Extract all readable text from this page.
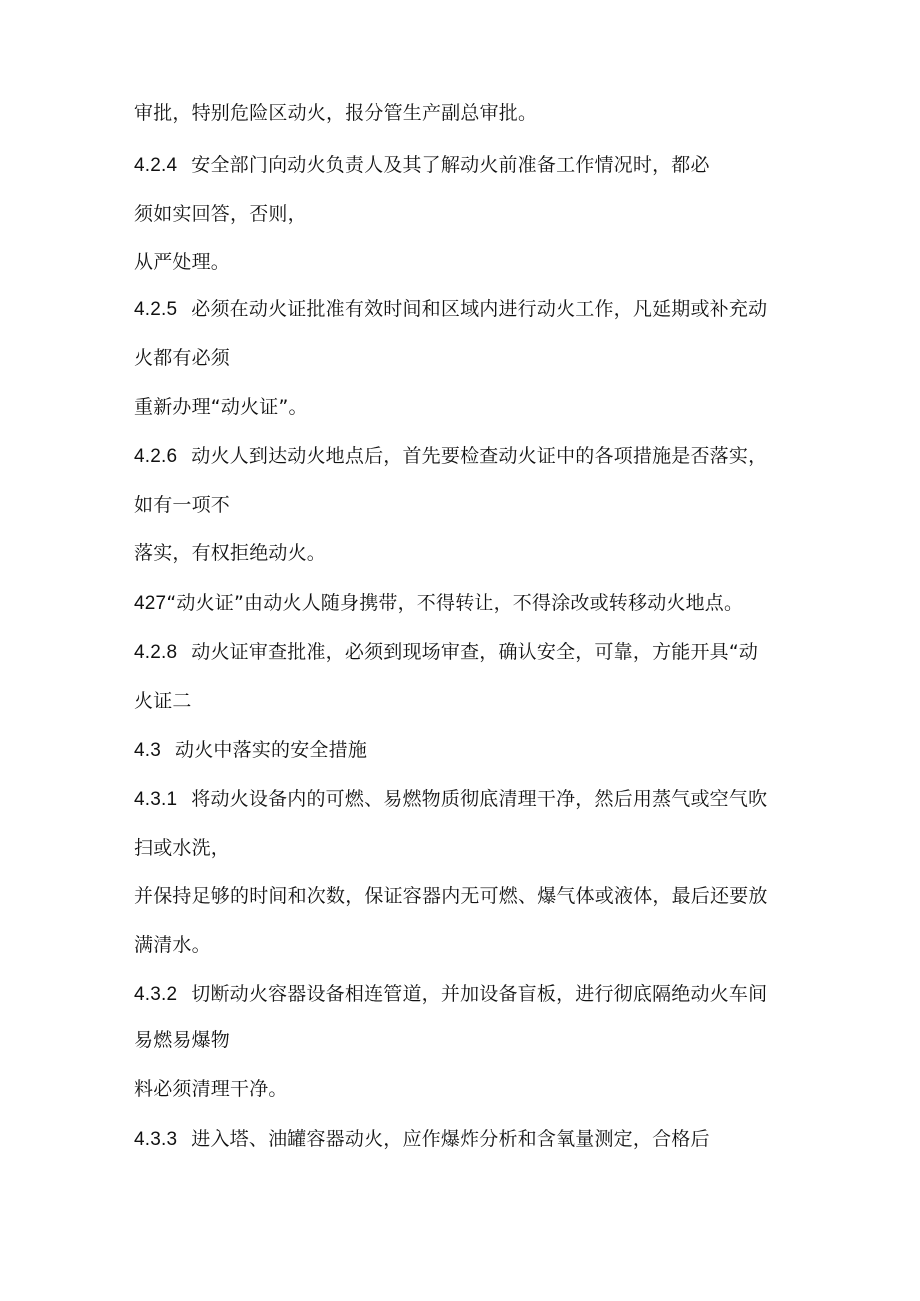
审批，特别危险区动火，报分管生产副总审批。
4.2.4 安全部门向动火负责人及其了解动火前准备工作情况时，都必
须如实回答，否则，
从严处理。
4.2.5 必须在动火证批准有效时间和区域内进行动火工作，凡延期或补充动
火都有必须
重新办理“动火证”。
4.2.6 动火人到达动火地点后，首先要检查动火证中的各项措施是否落实，
如有一项不
落实，有权拒绝动火。
427“动火证”由动火人随身携带，不得转让，不得涂改或转移动火地点。
4.2.8 动火证审查批准，必须到现场审查，确认安全，可靠，方能开具“动
火证二
4.3 动火中落实的安全措施
4.3.1 将动火设备内的可燃、易燃物质彻底清理干净，然后用蒸气或空气吹
扫或水洗，
并保持足够的时间和次数，保证容器内无可燃、爆气体或液体，最后还要放
满清水。
4.3.2 切断动火容器设备相连管道，并加设备盲板，进行彻底隔绝动火车间
易燃易爆物
料必须清理干净。
4.3.3 进入塔、油罐容器动火，应作爆炸分析和含氧量测定，合格后
